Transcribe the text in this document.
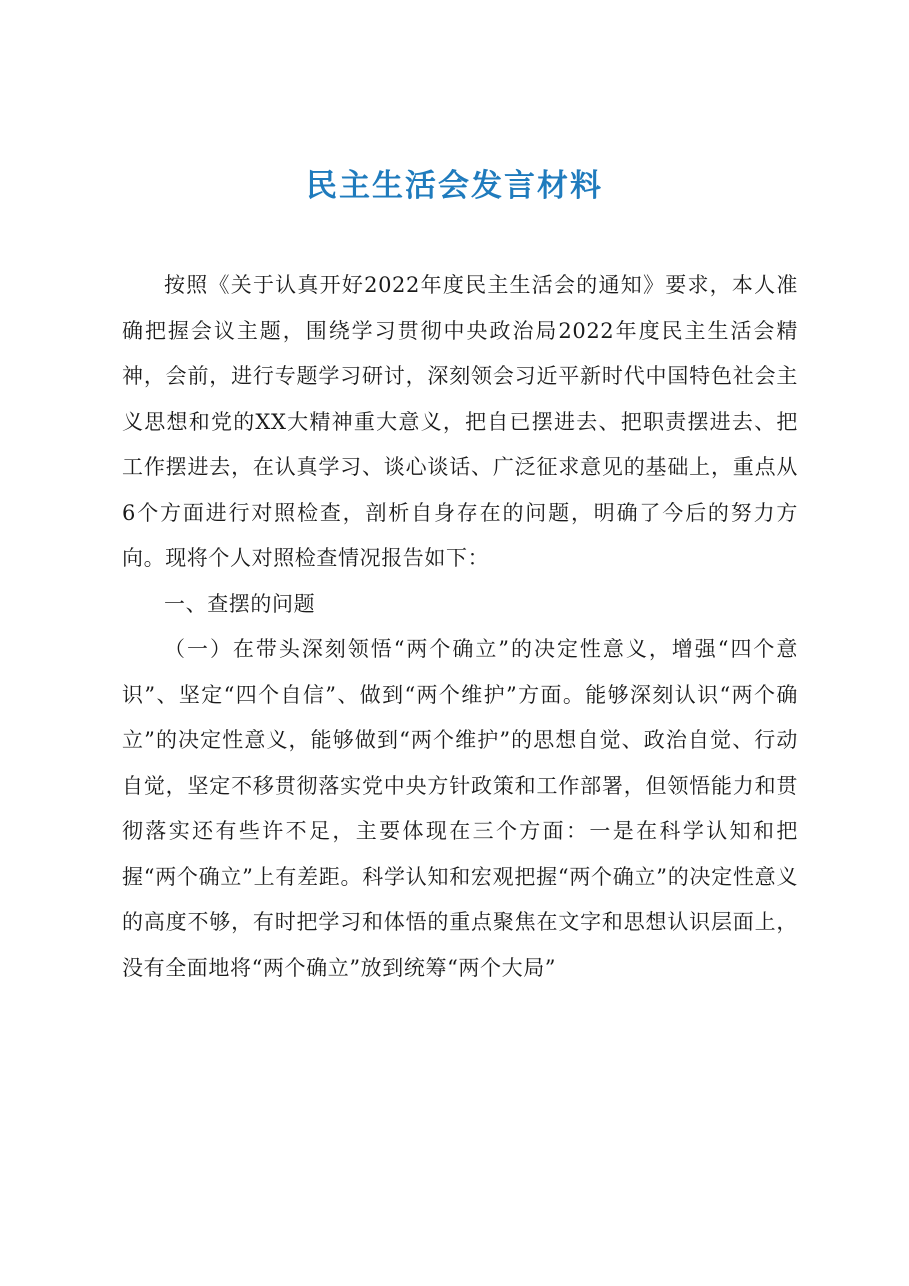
民主生活会发言材料

按照《关于认真开好2022年度民主生活会的通知》要求，本人准确把握会议主题，围绕学习贯彻中央政治局2022年度民主生活会精神，会前，进行专题学习研讨，深刻领会习近平新时代中国特色社会主义思想和党的XX大精神重大意义，把自已摆进去、把职责摆进去、把工作摆进去，在认真学习、谈心谈话、广泛征求意见的基础上，重点从6个方面进行对照检查，剖析自身存在的问题，明确了今后的努力方向。现将个人对照检查情况报告如下：

一、查摆的问题

（一）在带头深刻领悟“两个确立”的决定性意义，增强“四个意识”、坚定“四个自信”、做到“两个维护”方面。能够深刻认识“两个确立”的决定性意义，能够做到“两个维护”的思想自觉、政治自觉、行动自觉，坚定不移贯彻落实党中央方针政策和工作部署，但领悟能力和贯彻落实还有些许不足，主要体现在三个方面：一是在科学认知和把握“两个确立”上有差距。科学认知和宏观把握“两个确立”的决定性意义的高度不够，有时把学习和体悟的重点聚焦在文字和思想认识层面上，没有全面地将“两个确立”放到统筹“两个大局”
